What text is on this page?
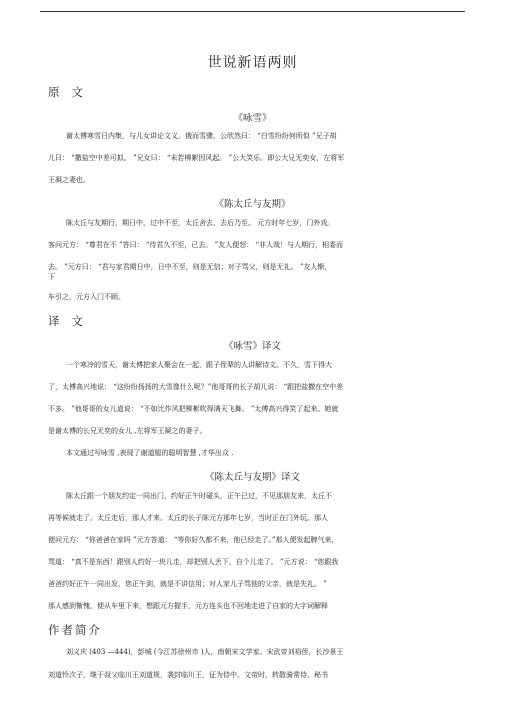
世说新语两则
原文
《咏雪》
谢太傅寒雪日内集，与儿女讲论文义。俄而雪骤，公欣然曰： “白雪纷纷何所似 ”兄子胡
儿曰： “撒盐空中差可拟。 ”兄女曰： “未若柳絮因风起。 ”公大笑乐。即公大兄无奕女，左将军
王凝之妻也。
《陈太丘与友期》
陈太丘与友期行，期日中，过中不至，太丘舍去，去后乃至。 元方时年七岁，门外戏。
客问元方： “尊君在不 ”答曰： “待君久不至，已去。 ”友人便怒： “非人哉！与人期行，相委而
去。 ”元方曰： “君与家君期日中，日中不至，则是无信；对子骂父，则是无礼。 ”友人惭，
下
车引之，元方入门不顾。
译文
《咏雪》译文
一个寒冷的雪天，谢太傅把家人聚会在一起，跟子侄辈的人讲解诗文。不久，雪下得大
了，太傅高兴地说： “这纷纷扬扬的大雪像什么呢？”他哥哥的长子胡儿说： “跟把盐撒在空中差
不多。 ”他哥哥的女儿道说： “不如比作风把柳絮吹得满天飞舞。 ”太傅高兴得笑了起来。她就
是谢太傅的长兄无奕的女儿 ,左将军王凝之的妻子。
本文通过写咏雪 ,表现了谢道韫的聪明智慧 ,才华出众 .
《陈太丘与友期》译文
陈太丘跟一个朋友约定一同出门，约好正午时碰头，正午已过，不见那朋友来，太丘不
再等候就走了。太丘走后，那人才来。太丘的长子陈元方那年七岁，当时正在门外玩。那人
便问元方： “你爸爸在家吗 ”元方答道： “等你好久都不来，他已经走了。”那人便发起脾气来，
骂道： “真不是东西！跟别人约好一块儿走，却把别人丢下，自个儿走了。 ”元方说： “您跟我
爸爸约好正午一同出发，您正午到，就是不讲信用；对人家儿子骂他的父亲，就是失礼。 ”
那人感到惭愧，便从车里下来，想跟元方握手，元方连头也不回地走进了自家的大字词解释
作者简介
刘义庆 (403 —444)，彭城 (今江苏徐州市 )人，南朝宋文学家。宋武帝刘裕侄，长沙景王
刘道怜次子，继于叔父临川王刘道规，袭封临川王，征为侍中。文帝时，转散骑常侍、秘书
